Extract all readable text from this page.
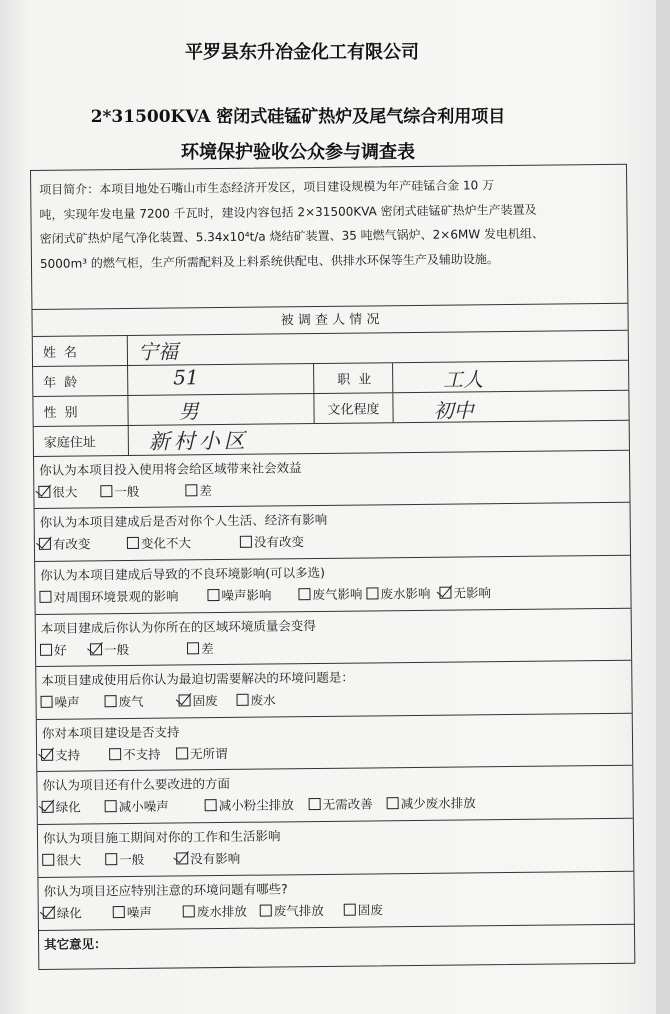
平罗县东升冶金化工有限公司
2*31500KVA 密闭式硅锰矿热炉及尾气综合利用项目
环境保护验收公众参与调查表
项目简介：本项目地处石嘴山市生态经济开发区，项目建设规模为年产硅锰合金 10 万
吨，实现年发电量 7200 千瓦时，建设内容包括 2×31500KVA 密闭式硅锰矿热炉生产装置及
密闭式矿热炉尾气净化装置、5.34x10⁴t/a 烧结矿装置、35 吨燃气锅炉、2×6MW 发电机组、
5000m³ 的燃气柜，生产所需配料及上料系统供配电、供排水环保等生产及辅助设施。
被 调 查 人 情 况
姓名	宁福
年龄	51	职业	工人
性别	男	文化程度	初中
家庭住址	新村小区
你认为本项目投入使用将会给区域带来社会效益
很大	一般	差
你认为本项目建成后是否对你个人生活、经济有影响
有改变	变化不大	没有改变
你认为本项目建成后导致的不良环境影响(可以多选)
对周围环境景观的影响	噪声影响	废气影响	废水影响	无影响
本项目建成后你认为你所在的区域环境质量会变得
好	一般	差
本项目建成使用后你认为最迫切需要解决的环境问题是：
噪声	废气	固废	废水
你对本项目建设是否支持
支持	不支持	无所谓
你认为项目还有什么要改进的方面
绿化	减小噪声	减小粉尘排放	无需改善	减少废水排放
你认为项目施工期间对你的工作和生活影响
很大	一般	没有影响
你认为项目还应特别注意的环境问题有哪些?
绿化	噪声	废水排放	废气排放	固废
其它意见：
